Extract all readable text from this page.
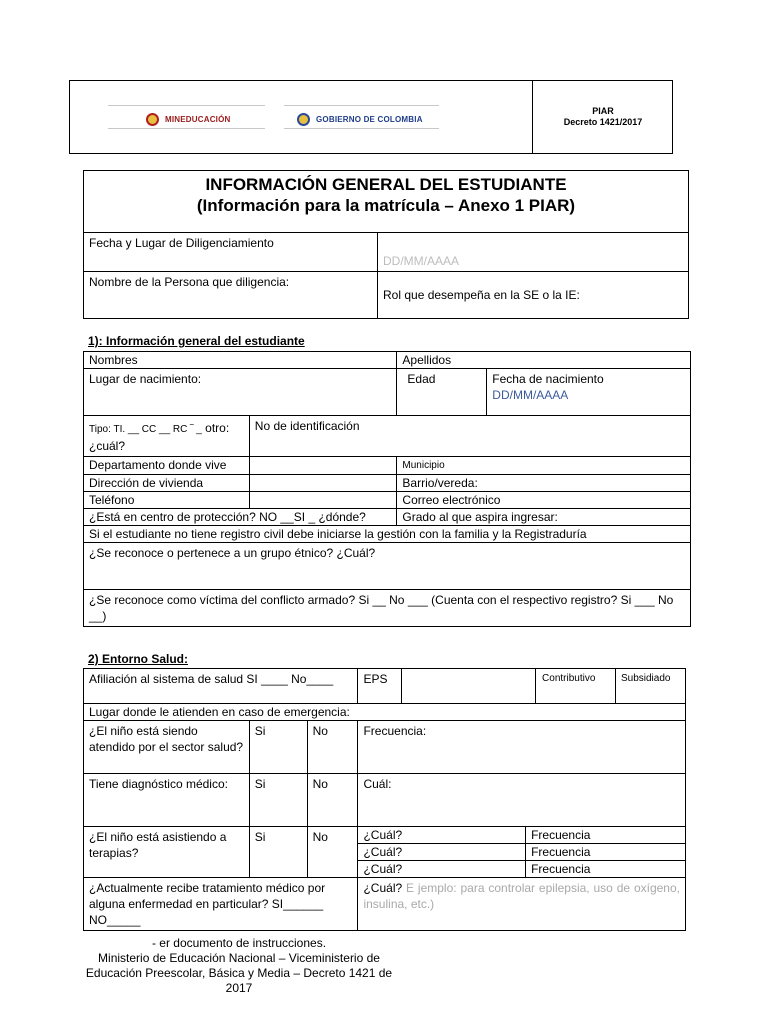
MINEDUCACIÓN	GOBIERNO DE COLOMBIA
PIAR
Decreto 1421/2017
INFORMACIÓN GENERAL DEL ESTUDIANTE
(Información para la matrícula – Anexo 1 PIAR)	

Fecha y Lugar de Diligenciamiento	DD/MM/AAAA
Nombre de la Persona que diligencia:	Rol que desempeña en la SE o la IE:
1): Información general del estudiante
Nombres		Apellidos	
Lugar de nacimiento:		Edad	Fecha de nacimiento
DD/MM/AAAA

Tipo: TI. __ CC __ RC ‾ _ otro:
¿cuál?	No de identificación		
Departamento donde vive		Municipio	
Dirección de vivienda		Barrio/vereda:	
Teléfono		Correo electrónico	
¿Está en centro de protección? NO __SI _ ¿dónde?		Grado al que aspira ingresar:	
Si el estudiante no tiene registro civil debe iniciarse la gestión con la familia y la Registraduría			
¿Se reconoce o pertenece a un grupo étnico? ¿Cuál?			
¿Se reconoce como víctima del conflicto armado? Si __ No ___ (Cuenta con el respectivo registro? Si ___ No __)			
2) Entorno Salud:
Afiliación al sistema de salud SI ____ No____			EPS			Contributivo	Subsidiado
Lugar donde le atienden en caso de emergencia:							
¿El niño está siendo atendido por el sector salud?	Si	No	Frecuencia:				
Tiene diagnóstico médico:	Si	No	Cuál:				
¿El niño está asistiendo a terapias?	Si	No	¿Cuál?		Frecuencia		
			¿Cuál?		Frecuencia		
			¿Cuál?		Frecuencia		
¿Actualmente recibe tratamiento médico por alguna enfermedad en particular? SI______ NO_____			¿Cuál? E jemplo: para controlar epilepsia, uso de oxígeno, insulina, etc.)				
- er documento de instrucciones.
Ministerio de Educación Nacional – Viceministerio de Educación Preescolar, Básica y Media – Decreto 1421 de 2017
